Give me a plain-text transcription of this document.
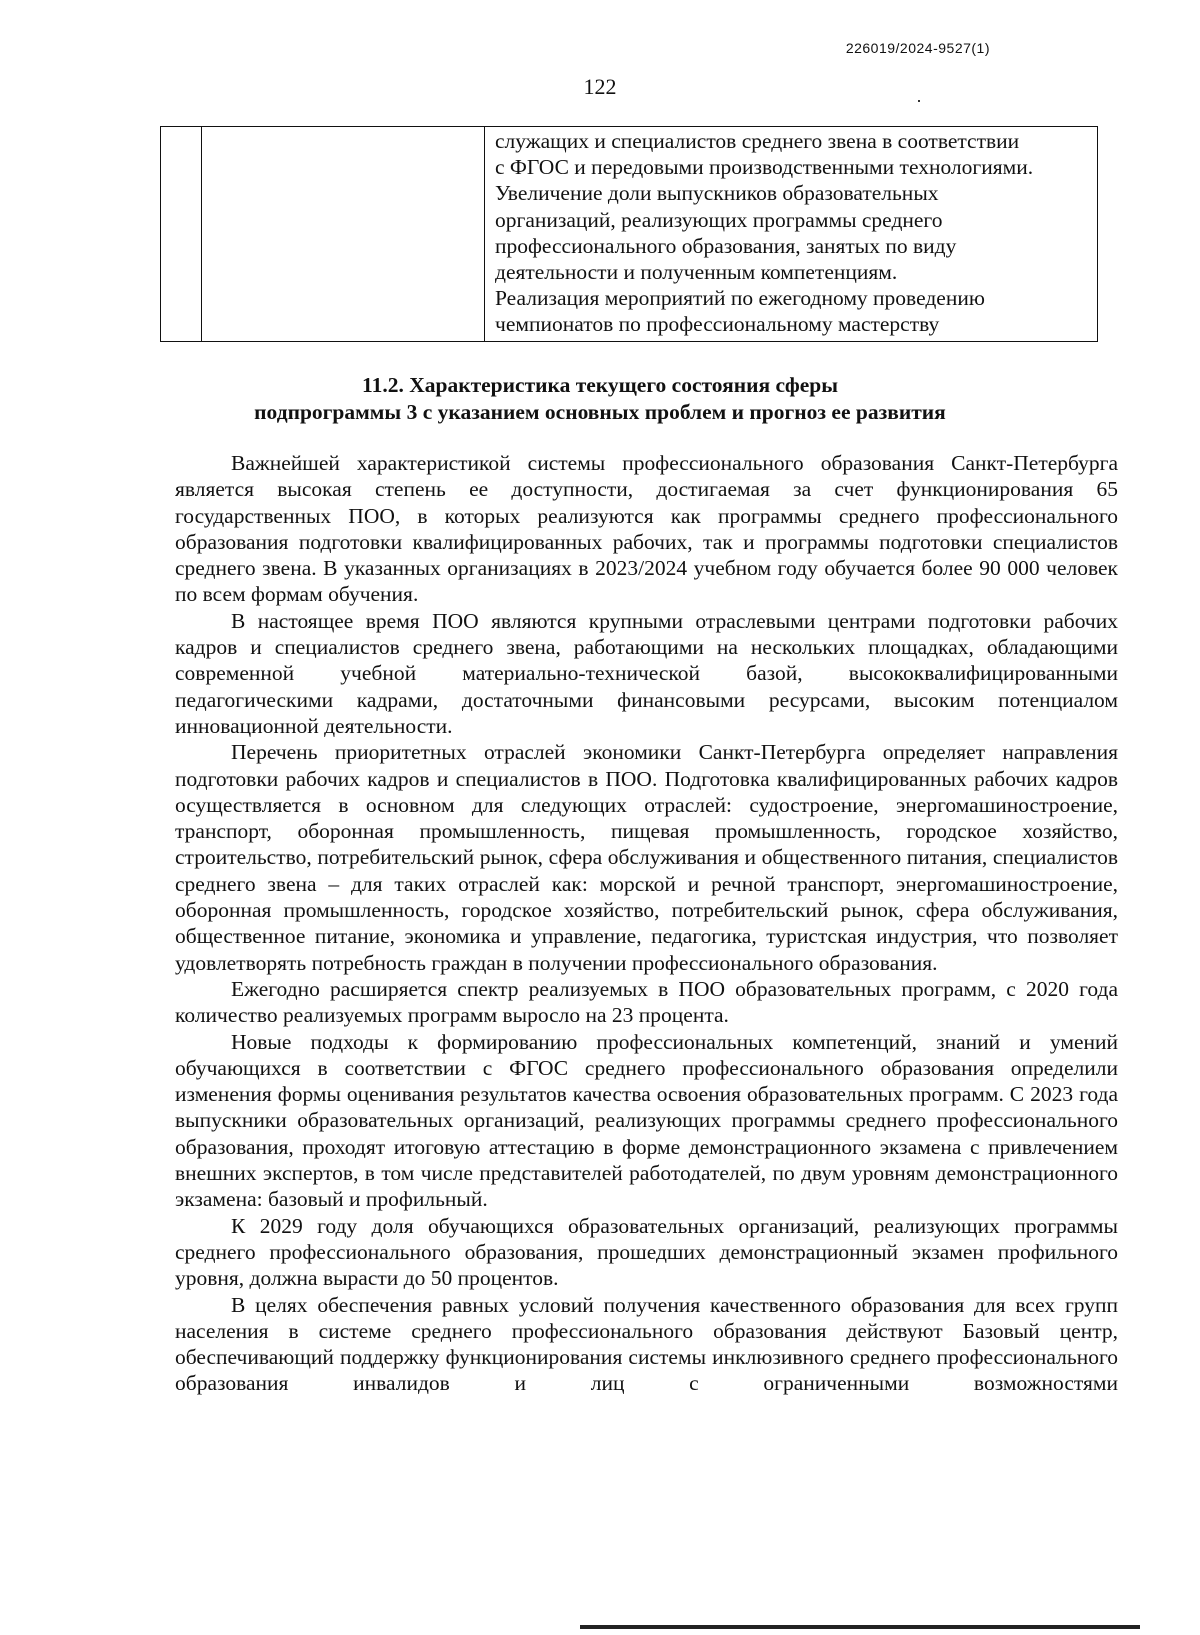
226019/2024-9527(1)
122

служащих и специалистов среднего звена в соответствии
с ФГОС и передовыми производственными технологиями.
Увеличение доли выпускников образовательных
организаций, реализующих программы среднего
профессионального образования, занятых по виду
деятельности и полученным компетенциям.
Реализация мероприятий по ежегодному проведению
чемпионатов по профессиональному мастерству
11.2. Характеристика текущего состояния сферы
подпрограммы 3 с указанием основных проблем и прогноз ее развития

Важнейшей характеристикой системы профессионального образования Санкт-Петербурга является высокая степень ее доступности, достигаемая за счет функционирования 65 государственных ПОО, в которых реализуются как программы среднего профессионального образования подготовки квалифицированных рабочих, так и программы подготовки специалистов среднего звена. В указанных организациях в 2023/2024 учебном году обучается более 90 000 человек по всем формам обучения.

В настоящее время ПОО являются крупными отраслевыми центрами подготовки рабочих кадров и специалистов среднего звена, работающими на нескольких площадках, обладающими современной учебной материально-технической базой, высококвалифицированными педагогическими кадрами, достаточными финансовыми ресурсами, высоким потенциалом инновационной деятельности.

Перечень приоритетных отраслей экономики Санкт-Петербурга определяет направления подготовки рабочих кадров и специалистов в ПОО. Подготовка квалифицированных рабочих кадров осуществляется в основном для следующих отраслей: судостроение, энергомашиностроение, транспорт, оборонная промышленность, пищевая промышленность, городское хозяйство, строительство, потребительский рынок, сфера обслуживания и общественного питания, специалистов среднего звена – для таких отраслей как: морской и речной транспорт, энергомашиностроение, оборонная промышленность, городское хозяйство, потребительский рынок, сфера обслуживания, общественное питание, экономика и управление, педагогика, туристская индустрия, что позволяет удовлетворять потребность граждан в получении профессионального образования.

Ежегодно расширяется спектр реализуемых в ПОО образовательных программ, с 2020 года количество реализуемых программ выросло на 23 процента.

Новые подходы к формированию профессиональных компетенций, знаний и умений обучающихся в соответствии с ФГОС среднего профессионального образования определили изменения формы оценивания результатов качества освоения образовательных программ. С 2023 года выпускники образовательных организаций, реализующих программы среднего профессионального образования, проходят итоговую аттестацию в форме демонстрационного экзамена с привлечением внешних экспертов, в том числе представителей работодателей, по двум уровням демонстрационного экзамена: базовый и профильный.

К 2029 году доля обучающихся образовательных организаций, реализующих программы среднего профессионального образования, прошедших демонстрационный экзамен профильного уровня, должна вырасти до 50 процентов.

В целях обеспечения равных условий получения качественного образования для всех групп населения в системе среднего профессионального образования действуют Базовый центр, обеспечивающий поддержку функционирования системы инклюзивного среднего профессионального образования инвалидов и лиц с ограниченными возможностями
